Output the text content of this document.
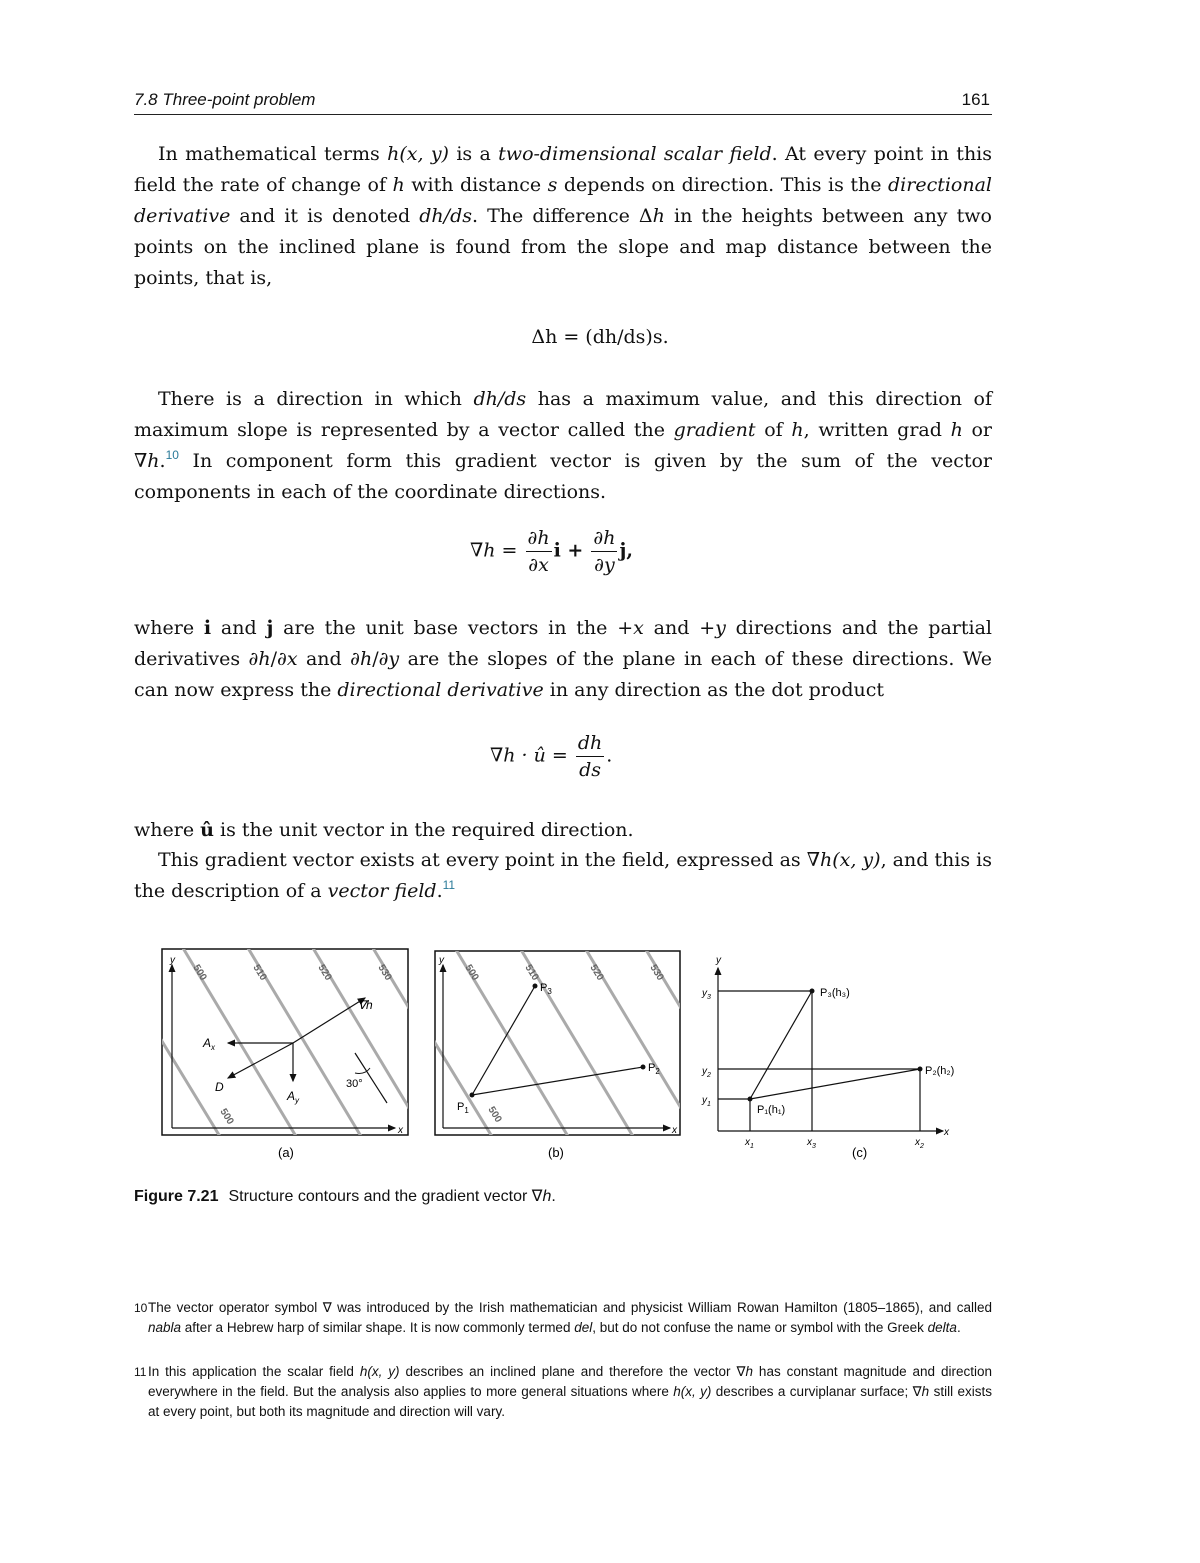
7.8 Three-point problem	161
In mathematical terms h(x, y) is a two-dimensional scalar field. At every point in this field the rate of change of h with distance s depends on direction. This is the directional derivative and it is denoted dh/ds. The difference Δh in the heights between any two points on the inclined plane is found from the slope and map distance between the points, that is,
Δh = (dh/ds)s.
There is a direction in which dh/ds has a maximum value, and this direction of maximum slope is represented by a vector called the gradient of h, written grad h or ∇h.$^{10}$ In component form this gradient vector is given by the sum of the vector components in each of the coordinate directions.
$\nabla h = \frac{\partial h}{\partial x}$ $i + \frac{\partial h}{\partial y} j$,
where i and j are the unit base vectors in the +x and +y directions and the partial derivatives ∂h/∂x and ∂h/∂y are the slopes of the plane in each of these directions. We can now express the directional derivative in any direction as the dot product
∇h · û = $\frac{dh}{ds}$ .
where û is the unit vector in the required direction.
This gradient vector exists at every point in the field, expressed as ∇h(x, y), and this is the description of a vector field.$^{11}$
y
x
500	510	520	530
500
∇h
$A_x$
D
$A_y$
30°
(a)
y
x
500	510	520	530
500
$P_1$
$P_3$
$P_2$
(b)
y
x
$y_3$
$y_2$
$y_1$
$x_1$	$x_3$	$x_2$
P₃(h₃)
P₂(h₂)
P₁(h₁)
(c)
Figure 7.21 Structure contours and the gradient vector ∇h.
10 The vector operator symbol ∇ was introduced by the Irish mathematician and physicist William Rowan Hamilton (1805–1865), and called nabla after a Hebrew harp of similar shape. It is now commonly termed del, but do not confuse the name or symbol with the Greek delta.
11 In this application the scalar field h(x, y) describes an inclined plane and therefore the vector ∇h has constant magnitude and direction everywhere in the field. But the analysis also applies to more general situations where h(x, y) describes a curviplanar surface; ∇h still exists at every point, but both its magnitude and direction will vary.
